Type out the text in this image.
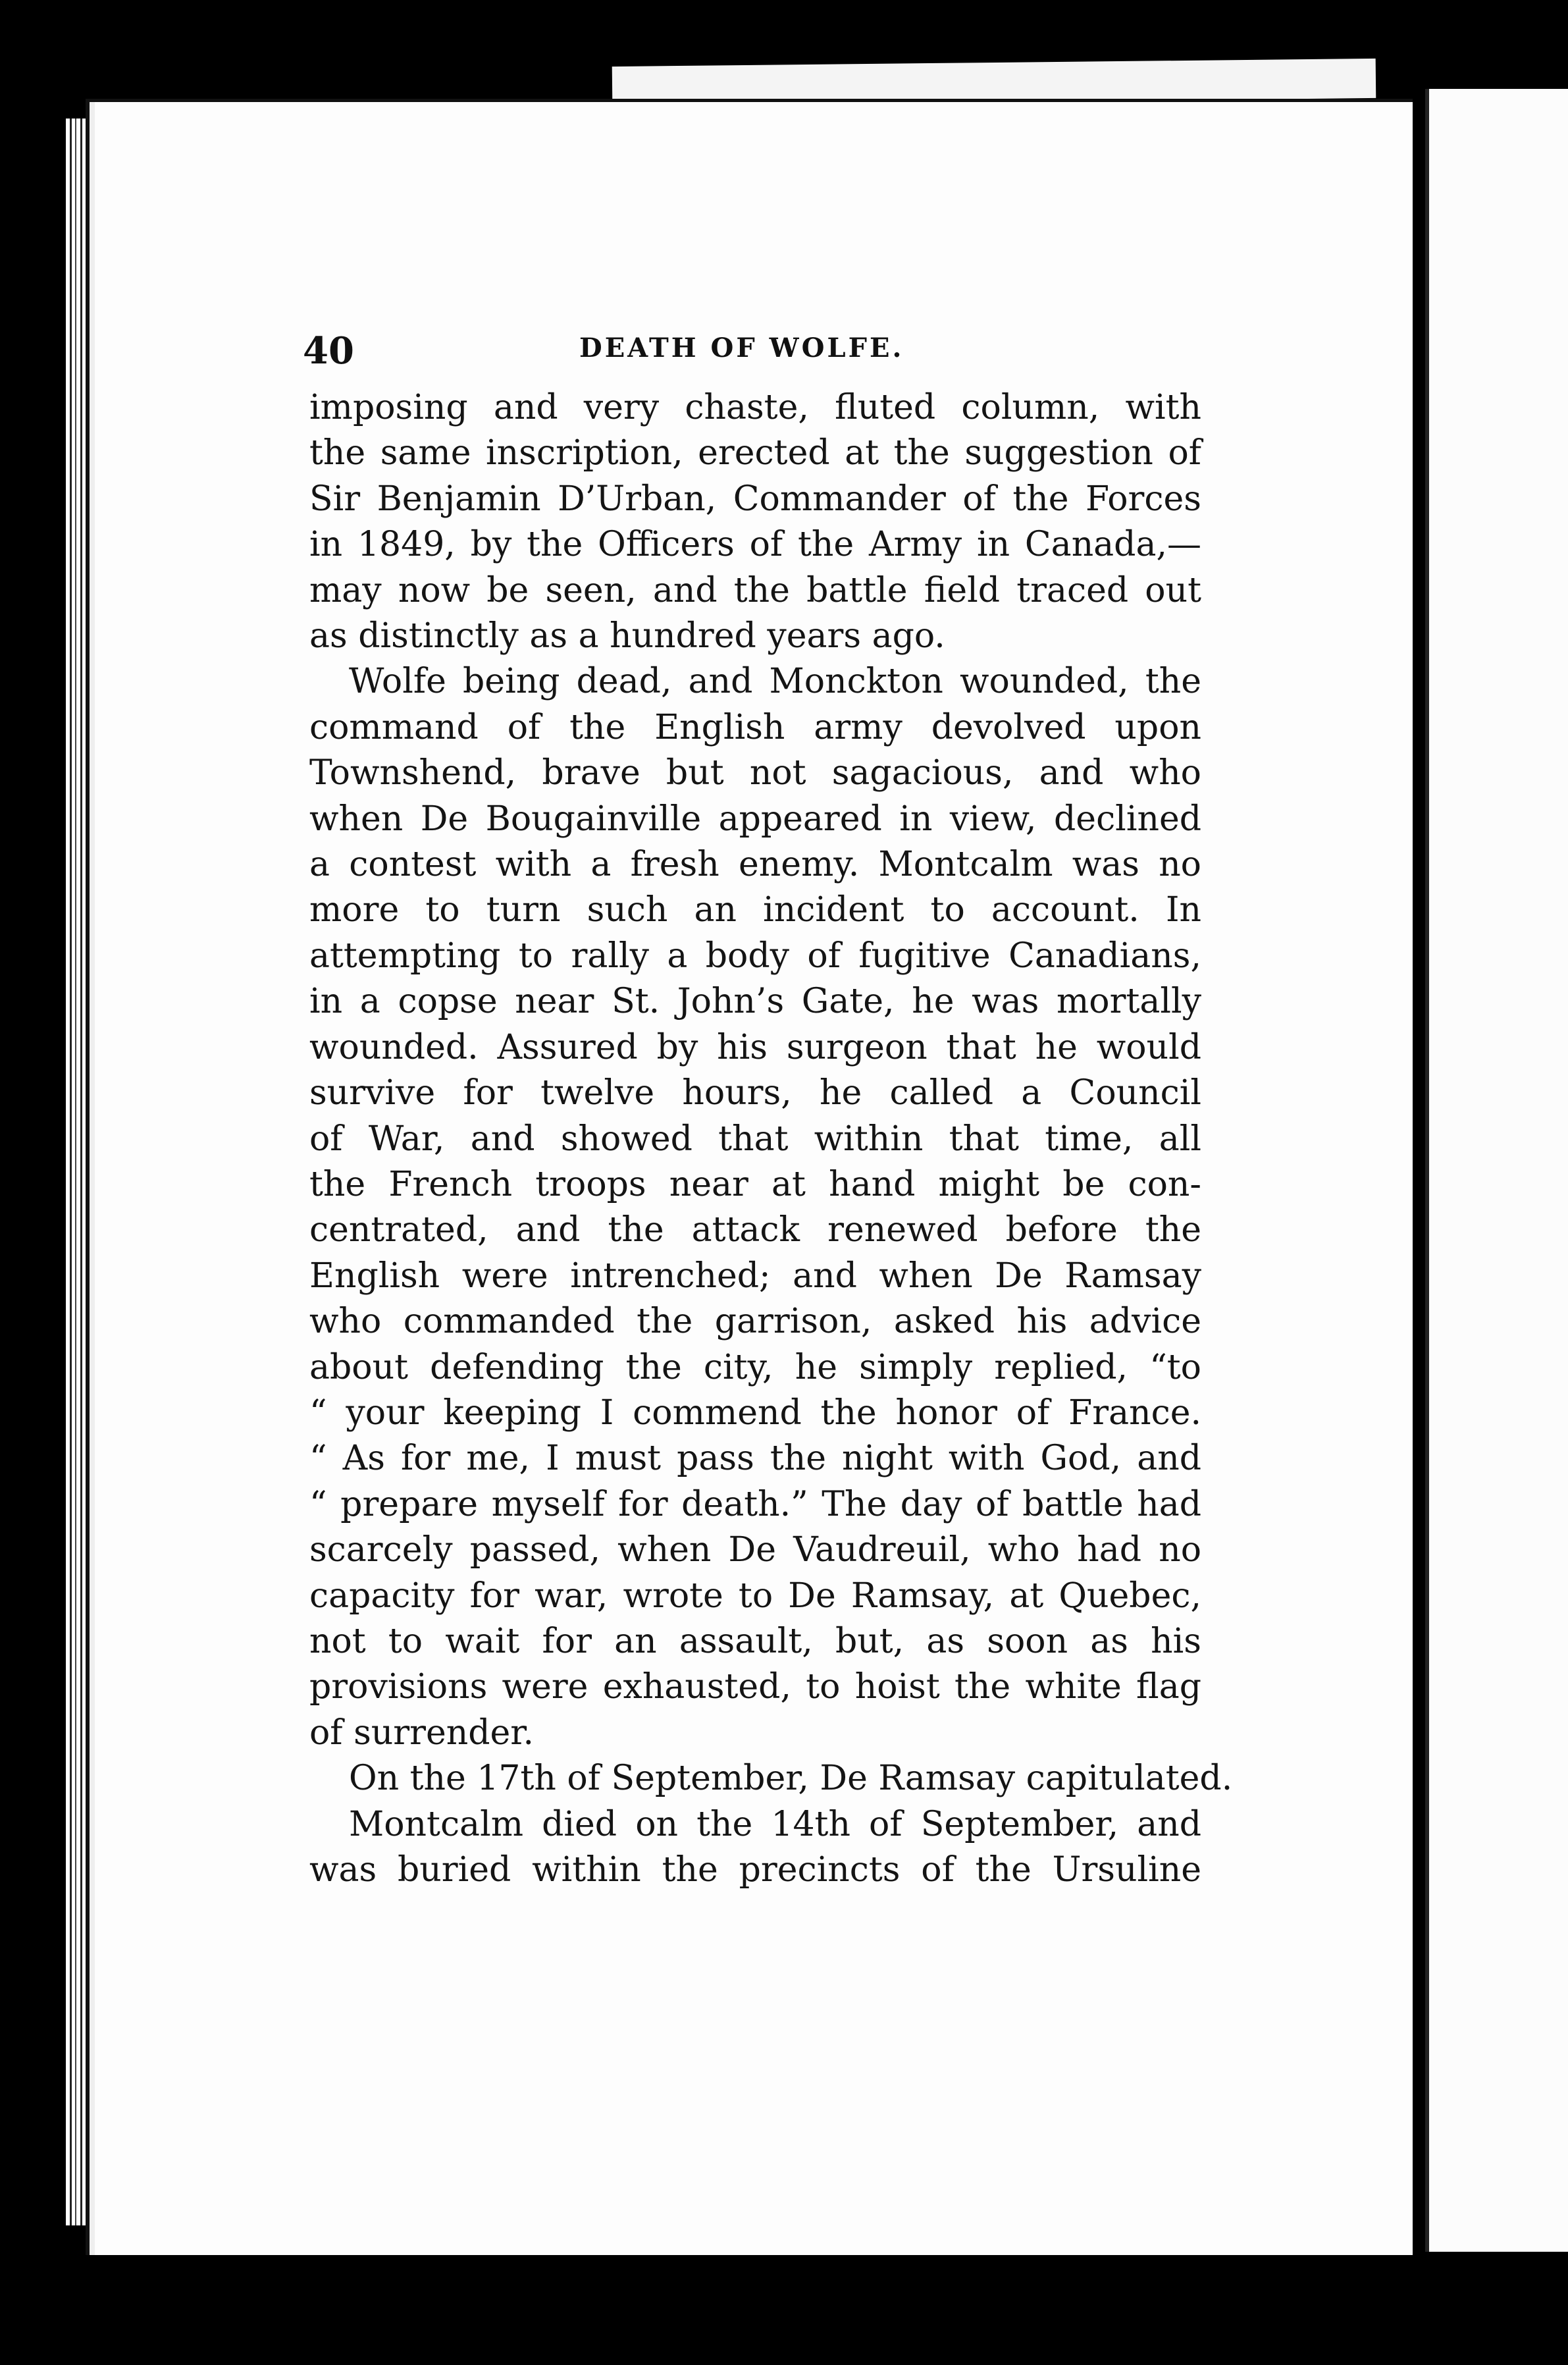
40	DEATH OF WOLFE.
imposing and very chaste, fluted column, with
the same inscription, erected at the suggestion of
Sir Benjamin D’Urban, Commander of the Forces
in 1849, by the Officers of the Army in Canada,—
may now be seen, and the battle field traced out
as distinctly as a hundred years ago.
Wolfe being dead, and Monckton wounded, the
command of the English army devolved upon
Townshend, brave but not sagacious, and who
when De Bougainville appeared in view, declined
a contest with a fresh enemy. Montcalm was no
more to turn such an incident to account. In
attempting to rally a body of fugitive Canadians,
in a copse near St. John’s Gate, he was mortally
wounded. Assured by his surgeon that he would
survive for twelve hours, he called a Council
of War, and showed that within that time, all
the French troops near at hand might be con-
centrated, and the attack renewed before the
English were intrenched; and when De Ramsay
who commanded the garrison, asked his advice
about defending the city, he simply replied, “to
“ your keeping I commend the honor of France.
“ As for me, I must pass the night with God, and
“ prepare myself for death.” The day of battle had
scarcely passed, when De Vaudreuil, who had no
capacity for war, wrote to De Ramsay, at Quebec,
not to wait for an assault, but, as soon as his
provisions were exhausted, to hoist the white flag
of surrender.
On the 17th of September, De Ramsay capitulated.
Montcalm died on the 14th of September, and
was buried within the precincts of the Ursuline
